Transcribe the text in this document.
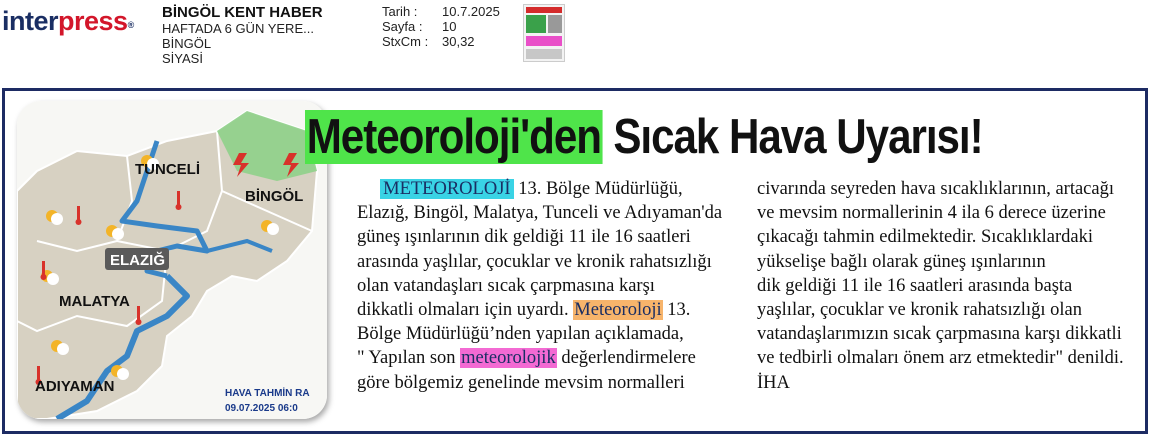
interpress®
BİNGÖL KENT HABER
HAFTADA 6 GÜN YERE...
BİNGÖL
SİYASİ
Tarih :	10.7.2025
Sayfa :	10
StxCm :	30,32
TUNCELİ
BİNGÖL
ELAZIĞ
MALATYA
ADIYAMAN	HAVA TAHMİN RA
09.07.2025 06:0
Meteoroloji'den Sıcak Hava Uyarısı!

METEOROLOJİ 13. Bölge Müdürlüğü,

Elazığ, Bingöl, Malatya, Tunceli ve Adıyaman'da

güneş ışınlarının dik geldiği 11 ile 16 saatleri

arasında yaşlılar, çocuklar ve kronik rahatsızlığı

olan vatandaşları sıcak çarpmasına karşı

dikkatli olmaları için uyardı. Meteoroloji 13.

Bölge Müdürlüğü’nden yapılan açıklamada,

" Yapılan son meteorolojik değerlendirmelere

göre bölgemiz genelinde mevsim normalleri

civarında seyreden hava sıcaklıklarının, artacağı

ve mevsim normallerinin 4 ila 6 derece üzerine

çıkacağı tahmin edilmektedir. Sıcaklıklardaki

yükselişe bağlı olarak güneş ışınlarının

dik geldiği 11 ile 16 saatleri arasında başta

yaşlılar, çocuklar ve kronik rahatsızlığı olan

vatandaşlarımızın sıcak çarpmasına karşı dikkatli

ve tedbirli olmaları önem arz etmektedir" denildi.

İHA
